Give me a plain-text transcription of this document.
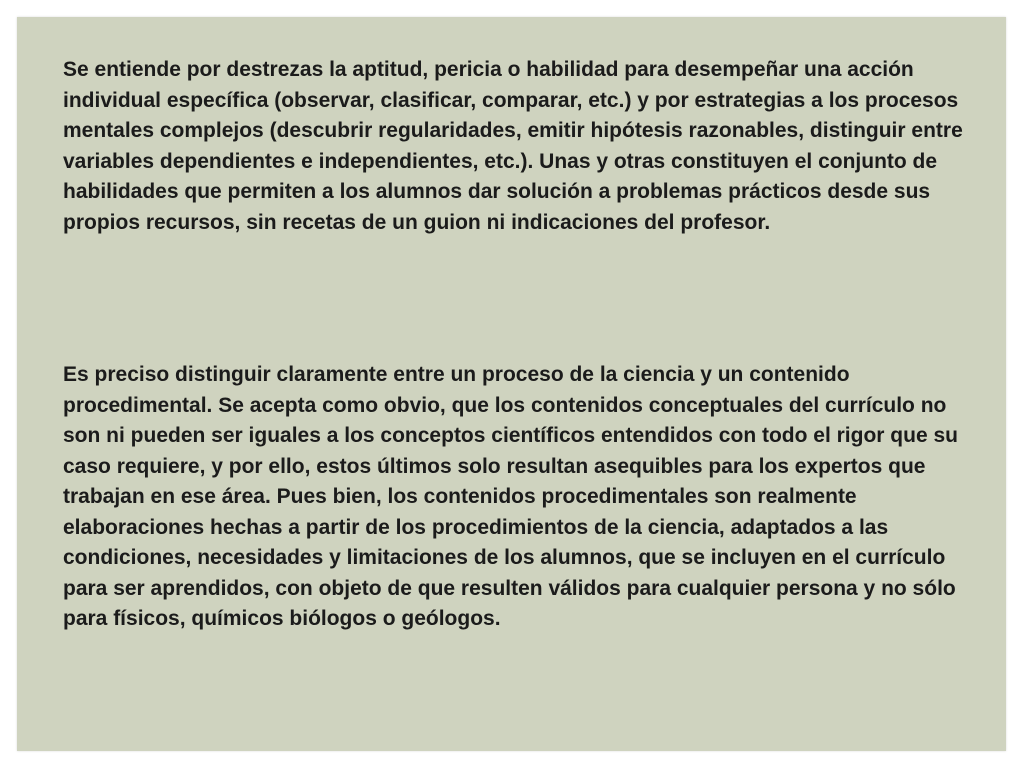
Se entiende por destrezas la aptitud, pericia o habilidad para desempeñar una acción individual específica (observar, clasificar, comparar, etc.) y por estrategias a los procesos mentales complejos (descubrir regularidades, emitir hipótesis razonables, distinguir entre variables dependientes e independientes, etc.). Unas y otras constituyen el conjunto de habilidades que permiten a los alumnos dar solución a problemas prácticos desde sus propios recursos, sin recetas de un guion ni indicaciones del profesor.

Es preciso distinguir claramente entre un proceso de la ciencia y un contenido procedimental. Se acepta como obvio, que los contenidos conceptuales del currículo no son ni pueden ser iguales a los conceptos científicos entendidos con todo el rigor que su caso requiere, y por ello, estos últimos solo resultan asequibles para los expertos que trabajan en ese área. Pues bien, los contenidos procedimentales son realmente elaboraciones hechas a partir de los procedimientos de la ciencia, adaptados a las condiciones, necesidades y limitaciones de los alumnos, que se incluyen en el currículo para ser aprendidos, con objeto de que resulten válidos para cualquier persona y no sólo para físicos, químicos biólogos o geólogos.
